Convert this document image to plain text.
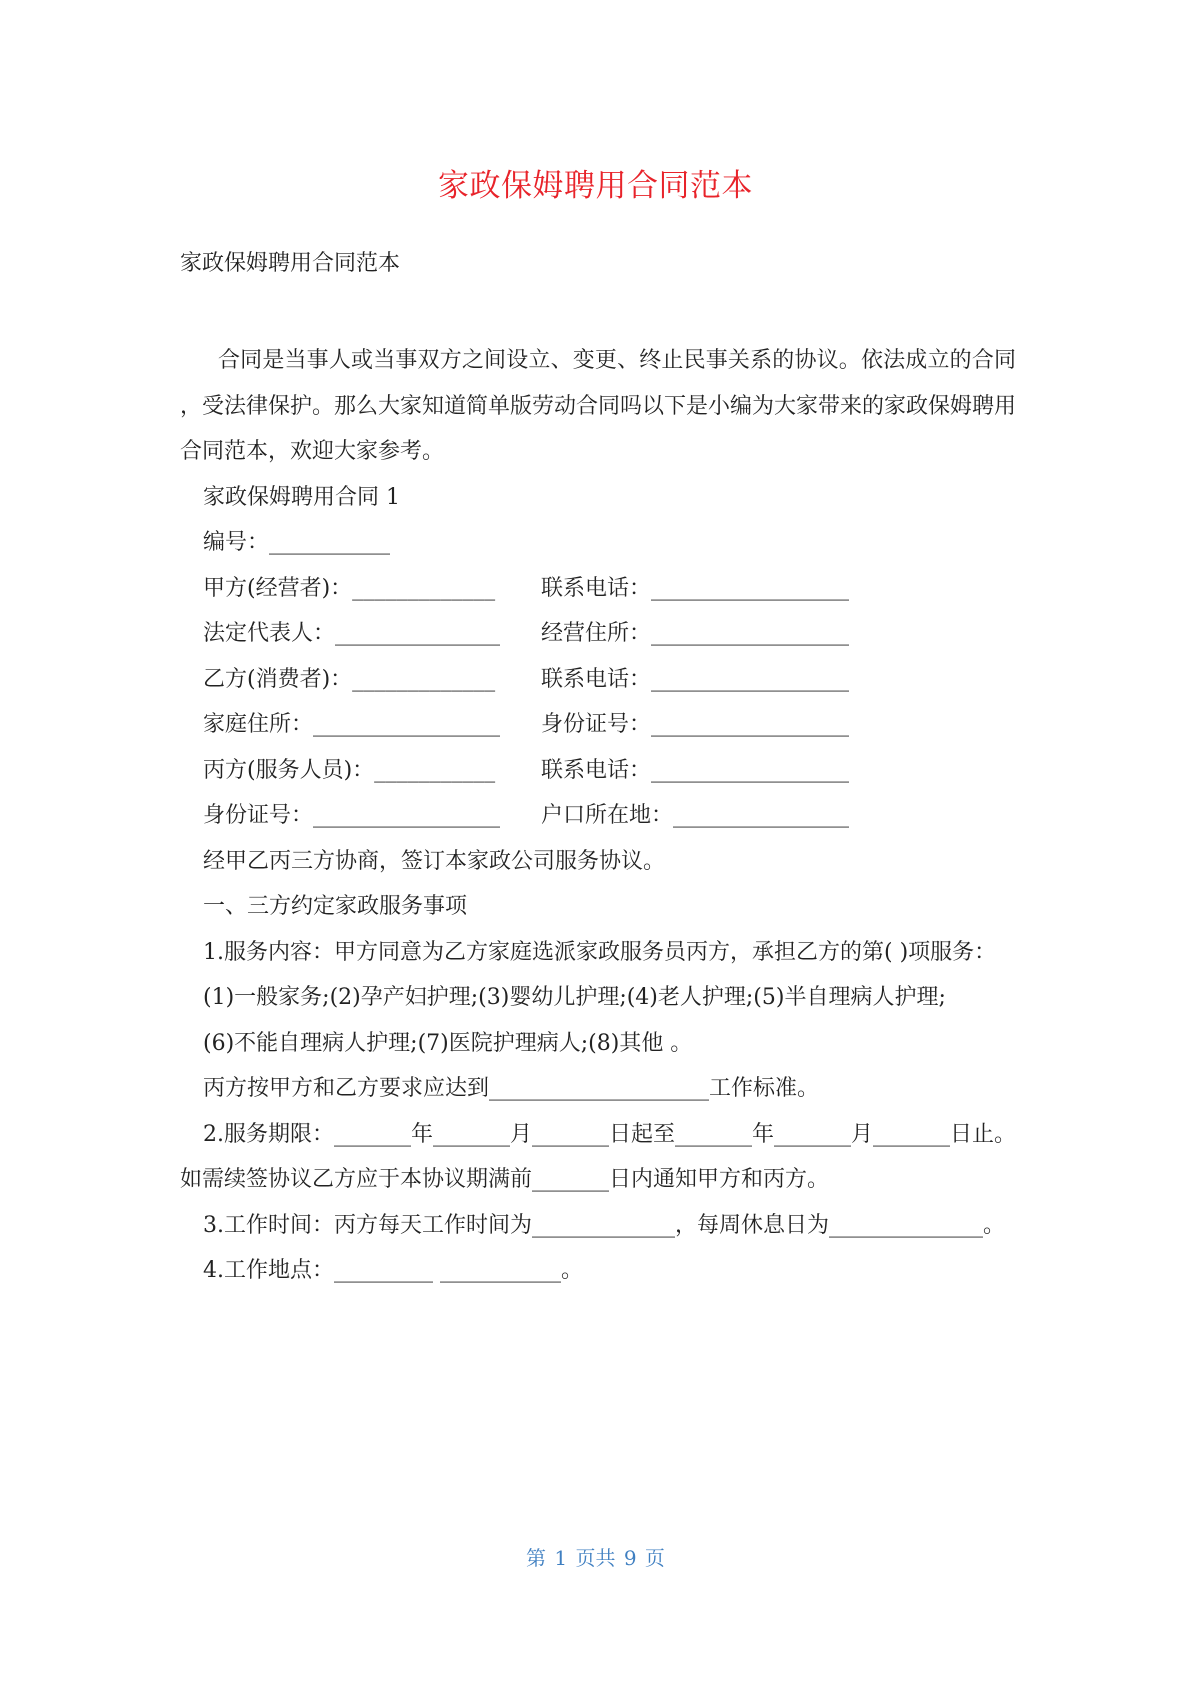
家政保姆聘用合同范本
家政保姆聘用合同范本

合同是当事人或当事双方之间设立、变更、终止民事关系的协议。依法成立的合同 ，受法律保护。那么大家知道简单版劳动合同吗以下是小编为大家带来的家政保姆聘用合同范本，欢迎大家参考。

家政保姆聘用合同 1

编号：___________

甲方(经营者)：_____________	联系电话：__________________
法定代表人：_______________	经营住所：__________________
乙方(消费者)：_____________	联系电话：__________________
家庭住所：_________________	身份证号：__________________
丙方(服务人员)：___________	联系电话：__________________
身份证号：_________________	户口所在地：________________

经甲乙丙三方协商，签订本家政公司服务协议。

一、三方约定家政服务事项

1.服务内容：甲方同意为乙方家庭选派家政服务员丙方，承担乙方的第( )项服务：

(1)一般家务;(2)孕产妇护理;(3)婴幼儿护理;(4)老人护理;(5)半自理病人护理;

(6)不能自理病人护理;(7)医院护理病人;(8)其他 。

丙方按甲方和乙方要求应达到____________________工作标准。

2.服务期限：_______年_______月_______日起至_______年_______月_______日止。如需续签协议乙方应于本协议期满前_______日内通知甲方和丙方。

3.工作时间：丙方每天工作时间为_____________，每周休息日为______________。

4.工作地点：_________ ___________。

第 1 页共 9 页
